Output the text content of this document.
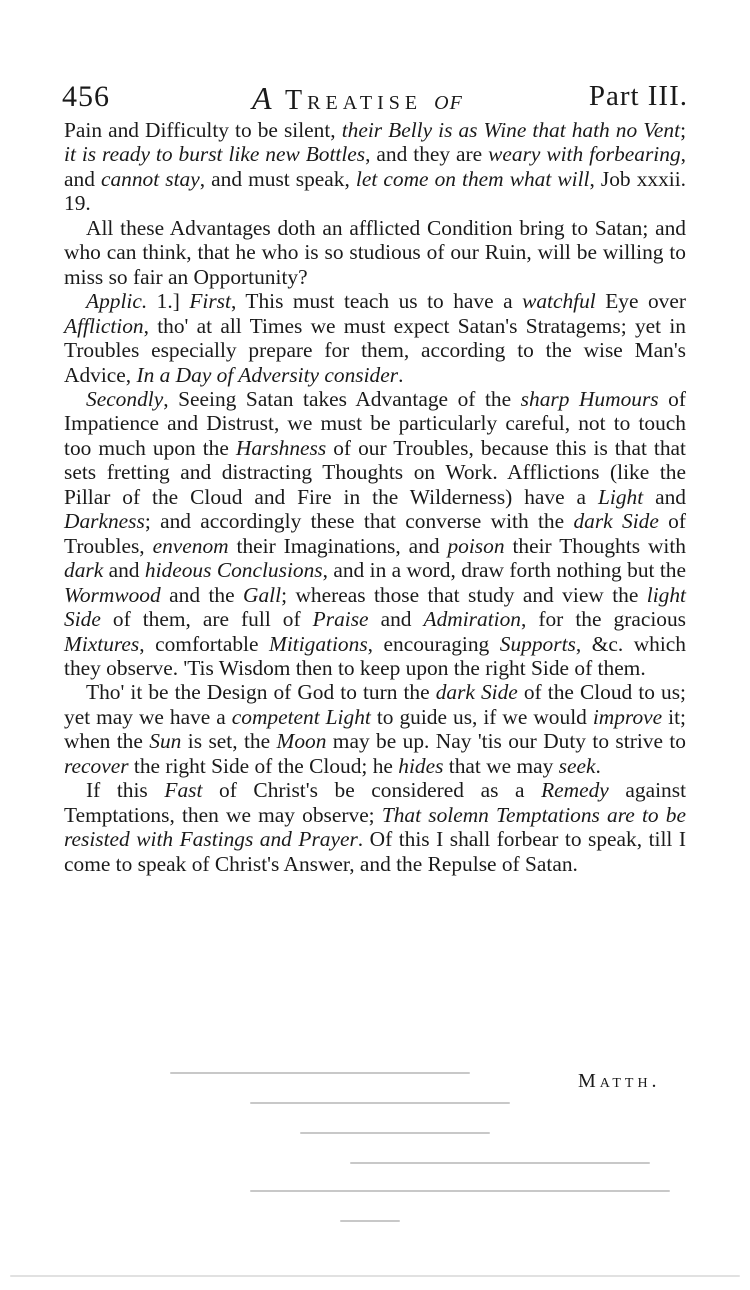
456	A Treatise of	Part III.

Pain and Difficulty to be silent, their Belly is as Wine that hath no Vent; it is ready to burst like new Bottles, and they are weary with forbearing, and cannot stay, and must speak, let come on them what will, Job xxxii. 19.

All these Advantages doth an afflicted Condition bring to Satan; and who can think, that he who is so studious of our Ruin, will be willing to miss so fair an Opportunity?

Applic. 1.] First, This must teach us to have a watchful Eye over Affliction, tho' at all Times we must expect Satan's Stratagems; yet in Troubles especially prepare for them, according to the wise Man's Advice, In a Day of Adversity consider.

Secondly, Seeing Satan takes Advantage of the sharp Humours of Impatience and Distrust, we must be particularly careful, not to touch too much upon the Harshness of our Troubles, because this is that that sets fretting and distracting Thoughts on Work. Afflictions (like the Pillar of the Cloud and Fire in the Wilderness) have a Light and Darkness; and accordingly these that converse with the dark Side of Troubles, envenom their Imaginations, and poison their Thoughts with dark and hideous Conclusions, and in a word, draw forth nothing but the Wormwood and the Gall; whereas those that study and view the light Side of them, are full of Praise and Admiration, for the gracious Mixtures, comfortable Mitigations, encouraging Supports, &c. which they observe. 'Tis Wisdom then to keep upon the right Side of them.

Tho' it be the Design of God to turn the dark Side of the Cloud to us; yet may we have a competent Light to guide us, if we would improve it; when the Sun is set, the Moon may be up. Nay 'tis our Duty to strive to recover the right Side of the Cloud; he hides that we may seek.

If this Fast of Christ's be considered as a Remedy against Temptations, then we may observe; That solemn Temptations are to be resisted with Fastings and Prayer. Of this I shall forbear to speak, till I come to speak of Christ's Answer, and the Repulse of Satan.

Matth.
